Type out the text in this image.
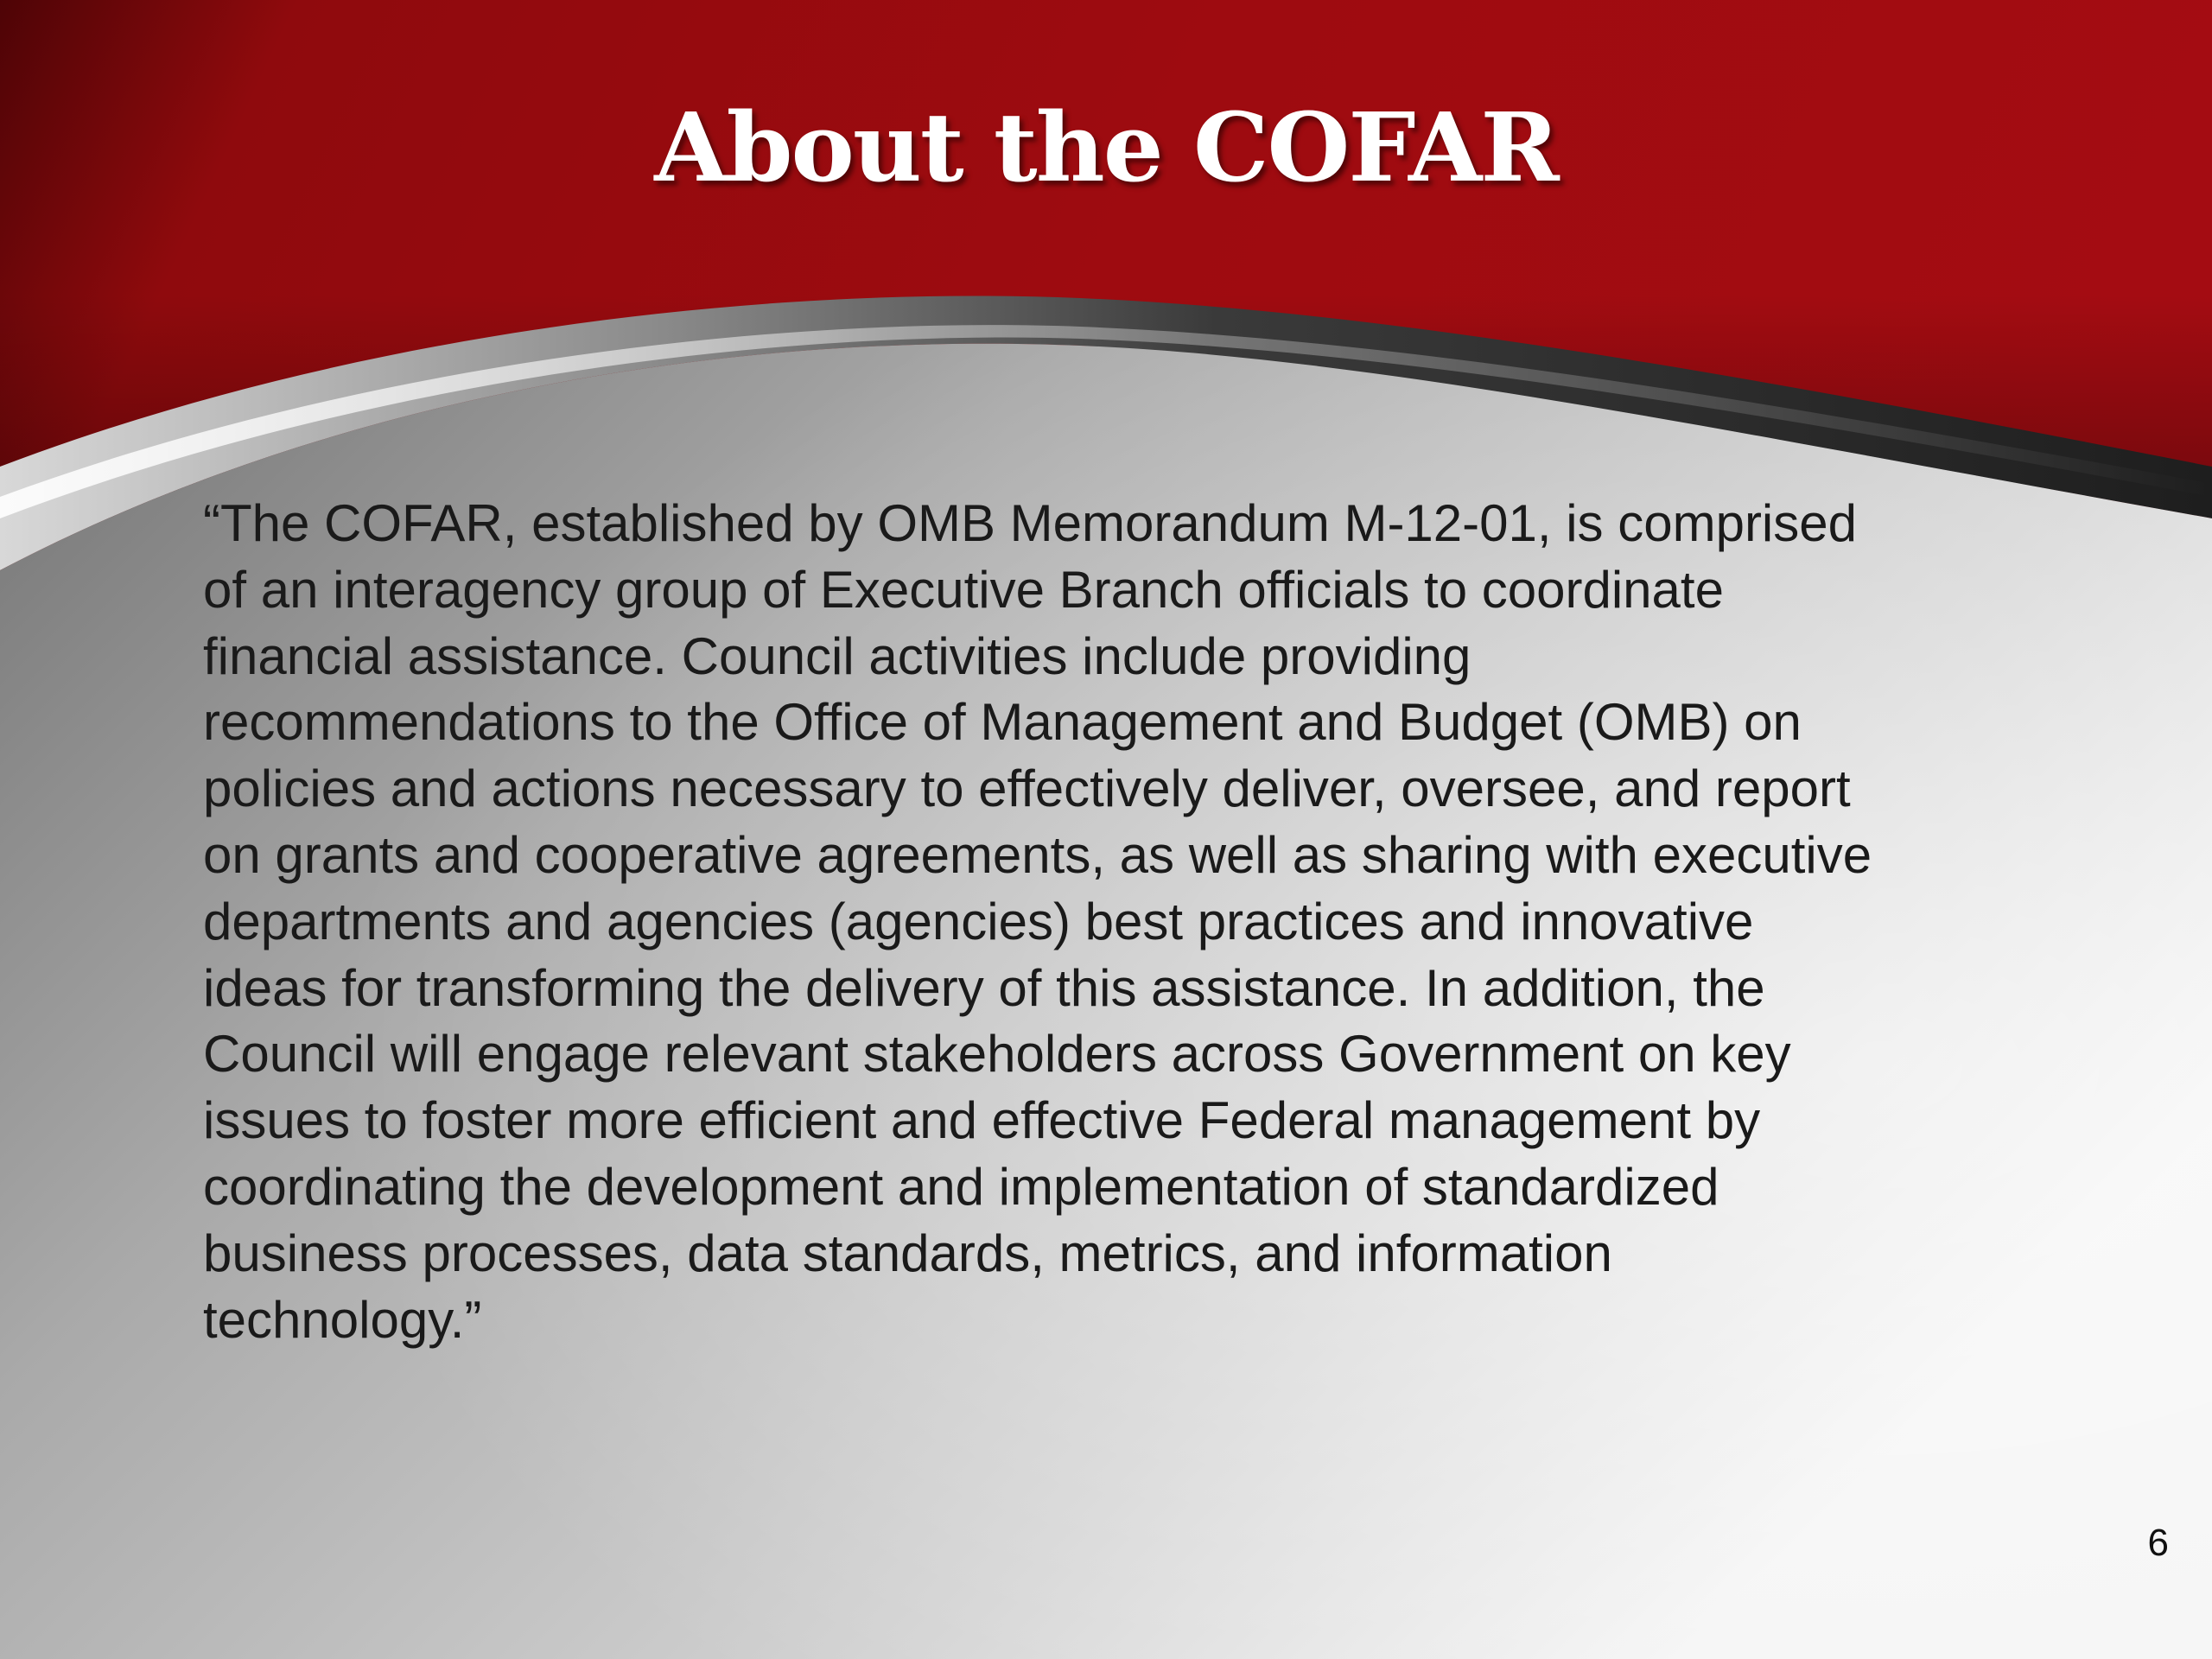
About the COFAR

“The COFAR, established by OMB Memorandum M-12-01, is comprised
of an interagency group of Executive Branch officials to coordinate
financial assistance. Council activities include providing
recommendations to the Office of Management and Budget (OMB) on
policies and actions necessary to effectively deliver, oversee, and report
on grants and cooperative agreements, as well as sharing with executive
departments and agencies (agencies) best practices and innovative
ideas for transforming the delivery of this assistance. In addition, the
Council will engage relevant stakeholders across Government on key
issues to foster more efficient and effective Federal management by
coordinating the development and implementation of standardized
business processes, data standards, metrics, and information
technology.”

6
